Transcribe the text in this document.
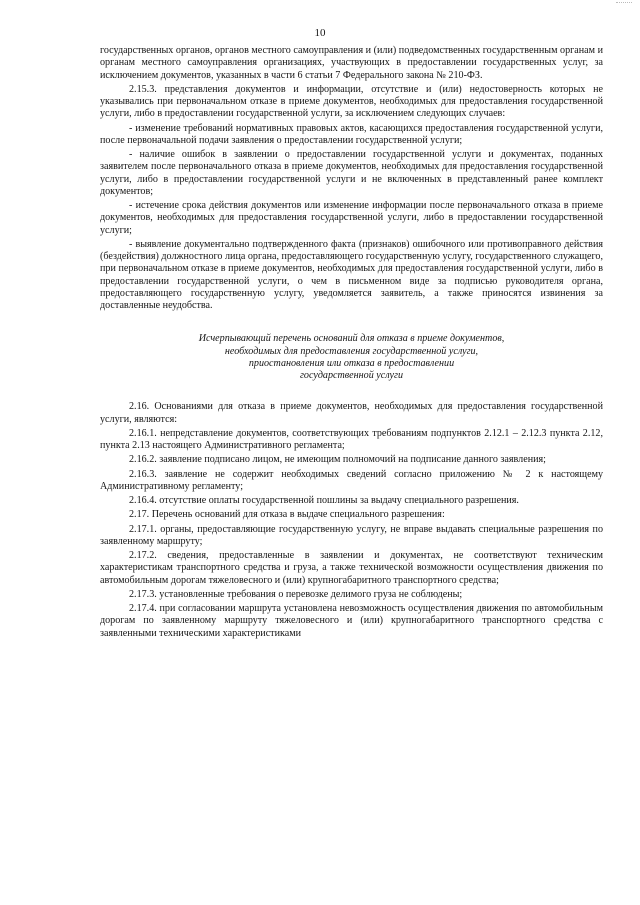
10

государственных органов, органов местного самоуправления и (или) подведомственных государственным органам и органам местного самоуправления организациях, участвующих в предоставлении государственных услуг, за исключением документов, указанных в части 6 статьи 7 Федерального закона № 210-ФЗ.

2.15.3. представления документов и информации, отсутствие и (или) недостоверность которых не указывались при первоначальном отказе в приеме документов, необходимых для предоставления государственной услуги, либо в предоставлении государственной услуги, за исключением следующих случаев:

- изменение требований нормативных правовых актов, касающихся предоставления государственной услуги, после первоначальной подачи заявления о предоставлении государственной услуги;

- наличие ошибок в заявлении о предоставлении государственной услуги и документах, поданных заявителем после первоначального отказа в приеме документов, необходимых для предоставления государственной услуги, либо в предоставлении государственной услуги и не включенных в представленный ранее комплект документов;

- истечение срока действия документов или изменение информации после первоначального отказа в приеме документов, необходимых для предоставления государственной услуги, либо в предоставлении государственной услуги;

- выявление документально подтвержденного факта (признаков) ошибочного или противоправного действия (бездействия) должностного лица органа, предоставляющего государственную услугу, государственного служащего, при первоначальном отказе в приеме документов, необходимых для предоставления государственной услуги, либо в предоставлении государственной услуги, о чем в письменном виде за подписью руководителя органа, предоставляющего государственную услугу, уведомляется заявитель, а также приносятся извинения за доставленные неудобства.

Исчерпывающий перечень оснований для отказа в приеме документов,
необходимых для предоставления государственной услуги,
приостановления или отказа в предоставлении
государственной услуги

2.16. Основаниями для отказа в приеме документов, необходимых для предоставления государственной услуги, являются:

2.16.1. непредставление документов, соответствующих требованиям подпунктов 2.12.1 – 2.12.3 пункта 2.12, пункта 2.13 настоящего Административного регламента;

2.16.2. заявление подписано лицом, не имеющим полномочий на подписание данного заявления;

2.16.3. заявление не содержит необходимых сведений согласно приложению № 2 к настоящему Административному регламенту;

2.16.4. отсутствие оплаты государственной пошлины за выдачу специального разрешения.

2.17. Перечень оснований для отказа в выдаче специального разрешения:

2.17.1. органы, предоставляющие государственную услугу, не вправе выдавать специальные разрешения по заявленному маршруту;

2.17.2. сведения, предоставленные в заявлении и документах, не соответствуют техническим характеристикам транспортного средства и груза, а также технической возможности осуществления движения по автомобильным дорогам тяжеловесного и (или) крупногабаритного транспортного средства;

2.17.3. установленные требования о перевозке делимого груза не соблюдены;

2.17.4. при согласовании маршрута установлена невозможность осуществления движения по автомобильным дорогам по заявленному маршруту тяжеловесного и (или) крупногабаритного транспортного средства с заявленными техническими характеристиками
